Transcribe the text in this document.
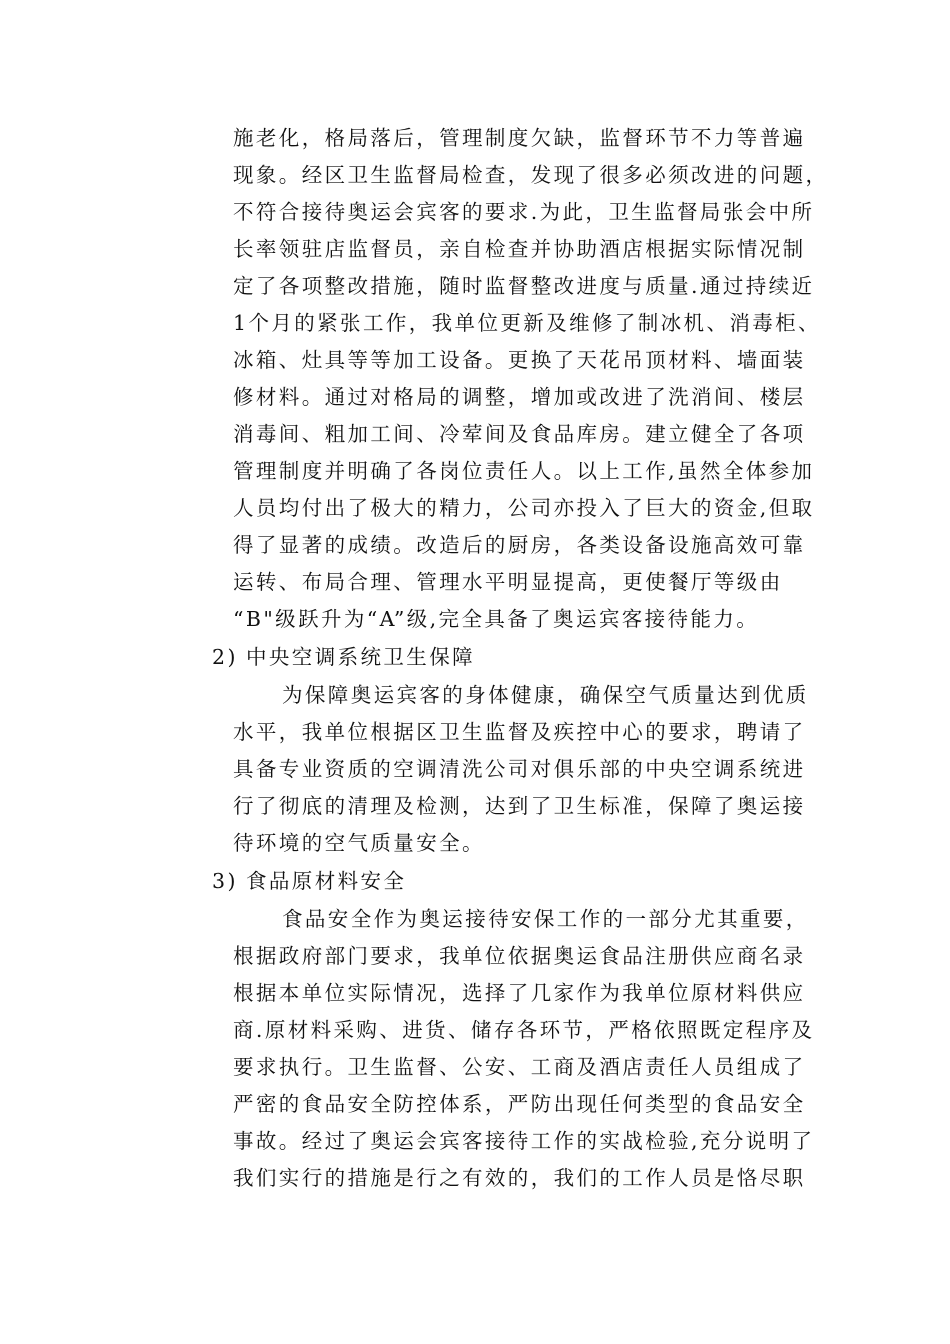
施老化，格局落后，管理制度欠缺，监督环节不力等普遍
现象。经区卫生监督局检查，发现了很多必须改进的问题，
不符合接待奥运会宾客的要求.为此，卫生监督局张会中所
长率领驻店监督员，亲自检查并协助酒店根据实际情况制
定了各项整改措施，随时监督整改进度与质量.通过持续近
1个月的紧张工作，我单位更新及维修了制冰机、消毒柜、
冰箱、灶具等等加工设备。更换了天花吊顶材料、墙面装
修材料。通过对格局的调整，增加或改进了洗消间、楼层
消毒间、粗加工间、冷荤间及食品库房。建立健全了各项
管理制度并明确了各岗位责任人。以上工作,虽然全体参加
人员均付出了极大的精力，公司亦投入了巨大的资金,但取
得了显著的成绩。改造后的厨房，各类设备设施高效可靠
运转、布局合理、管理水平明显提高，更使餐厅等级由
“B"级跃升为“A”级,完全具备了奥运宾客接待能力。
2) 中央空调系统卫生保障
为保障奥运宾客的身体健康，确保空气质量达到优质
水平，我单位根据区卫生监督及疾控中心的要求，聘请了
具备专业资质的空调清洗公司对俱乐部的中央空调系统进
行了彻底的清理及检测，达到了卫生标准，保障了奥运接
待环境的空气质量安全。
3) 食品原材料安全
食品安全作为奥运接待安保工作的一部分尤其重要，
根据政府部门要求，我单位依据奥运食品注册供应商名录
根据本单位实际情况，选择了几家作为我单位原材料供应
商.原材料采购、进货、储存各环节，严格依照既定程序及
要求执行。卫生监督、公安、工商及酒店责任人员组成了
严密的食品安全防控体系，严防出现任何类型的食品安全
事故。经过了奥运会宾客接待工作的实战检验,充分说明了
我们实行的措施是行之有效的，我们的工作人员是恪尽职
